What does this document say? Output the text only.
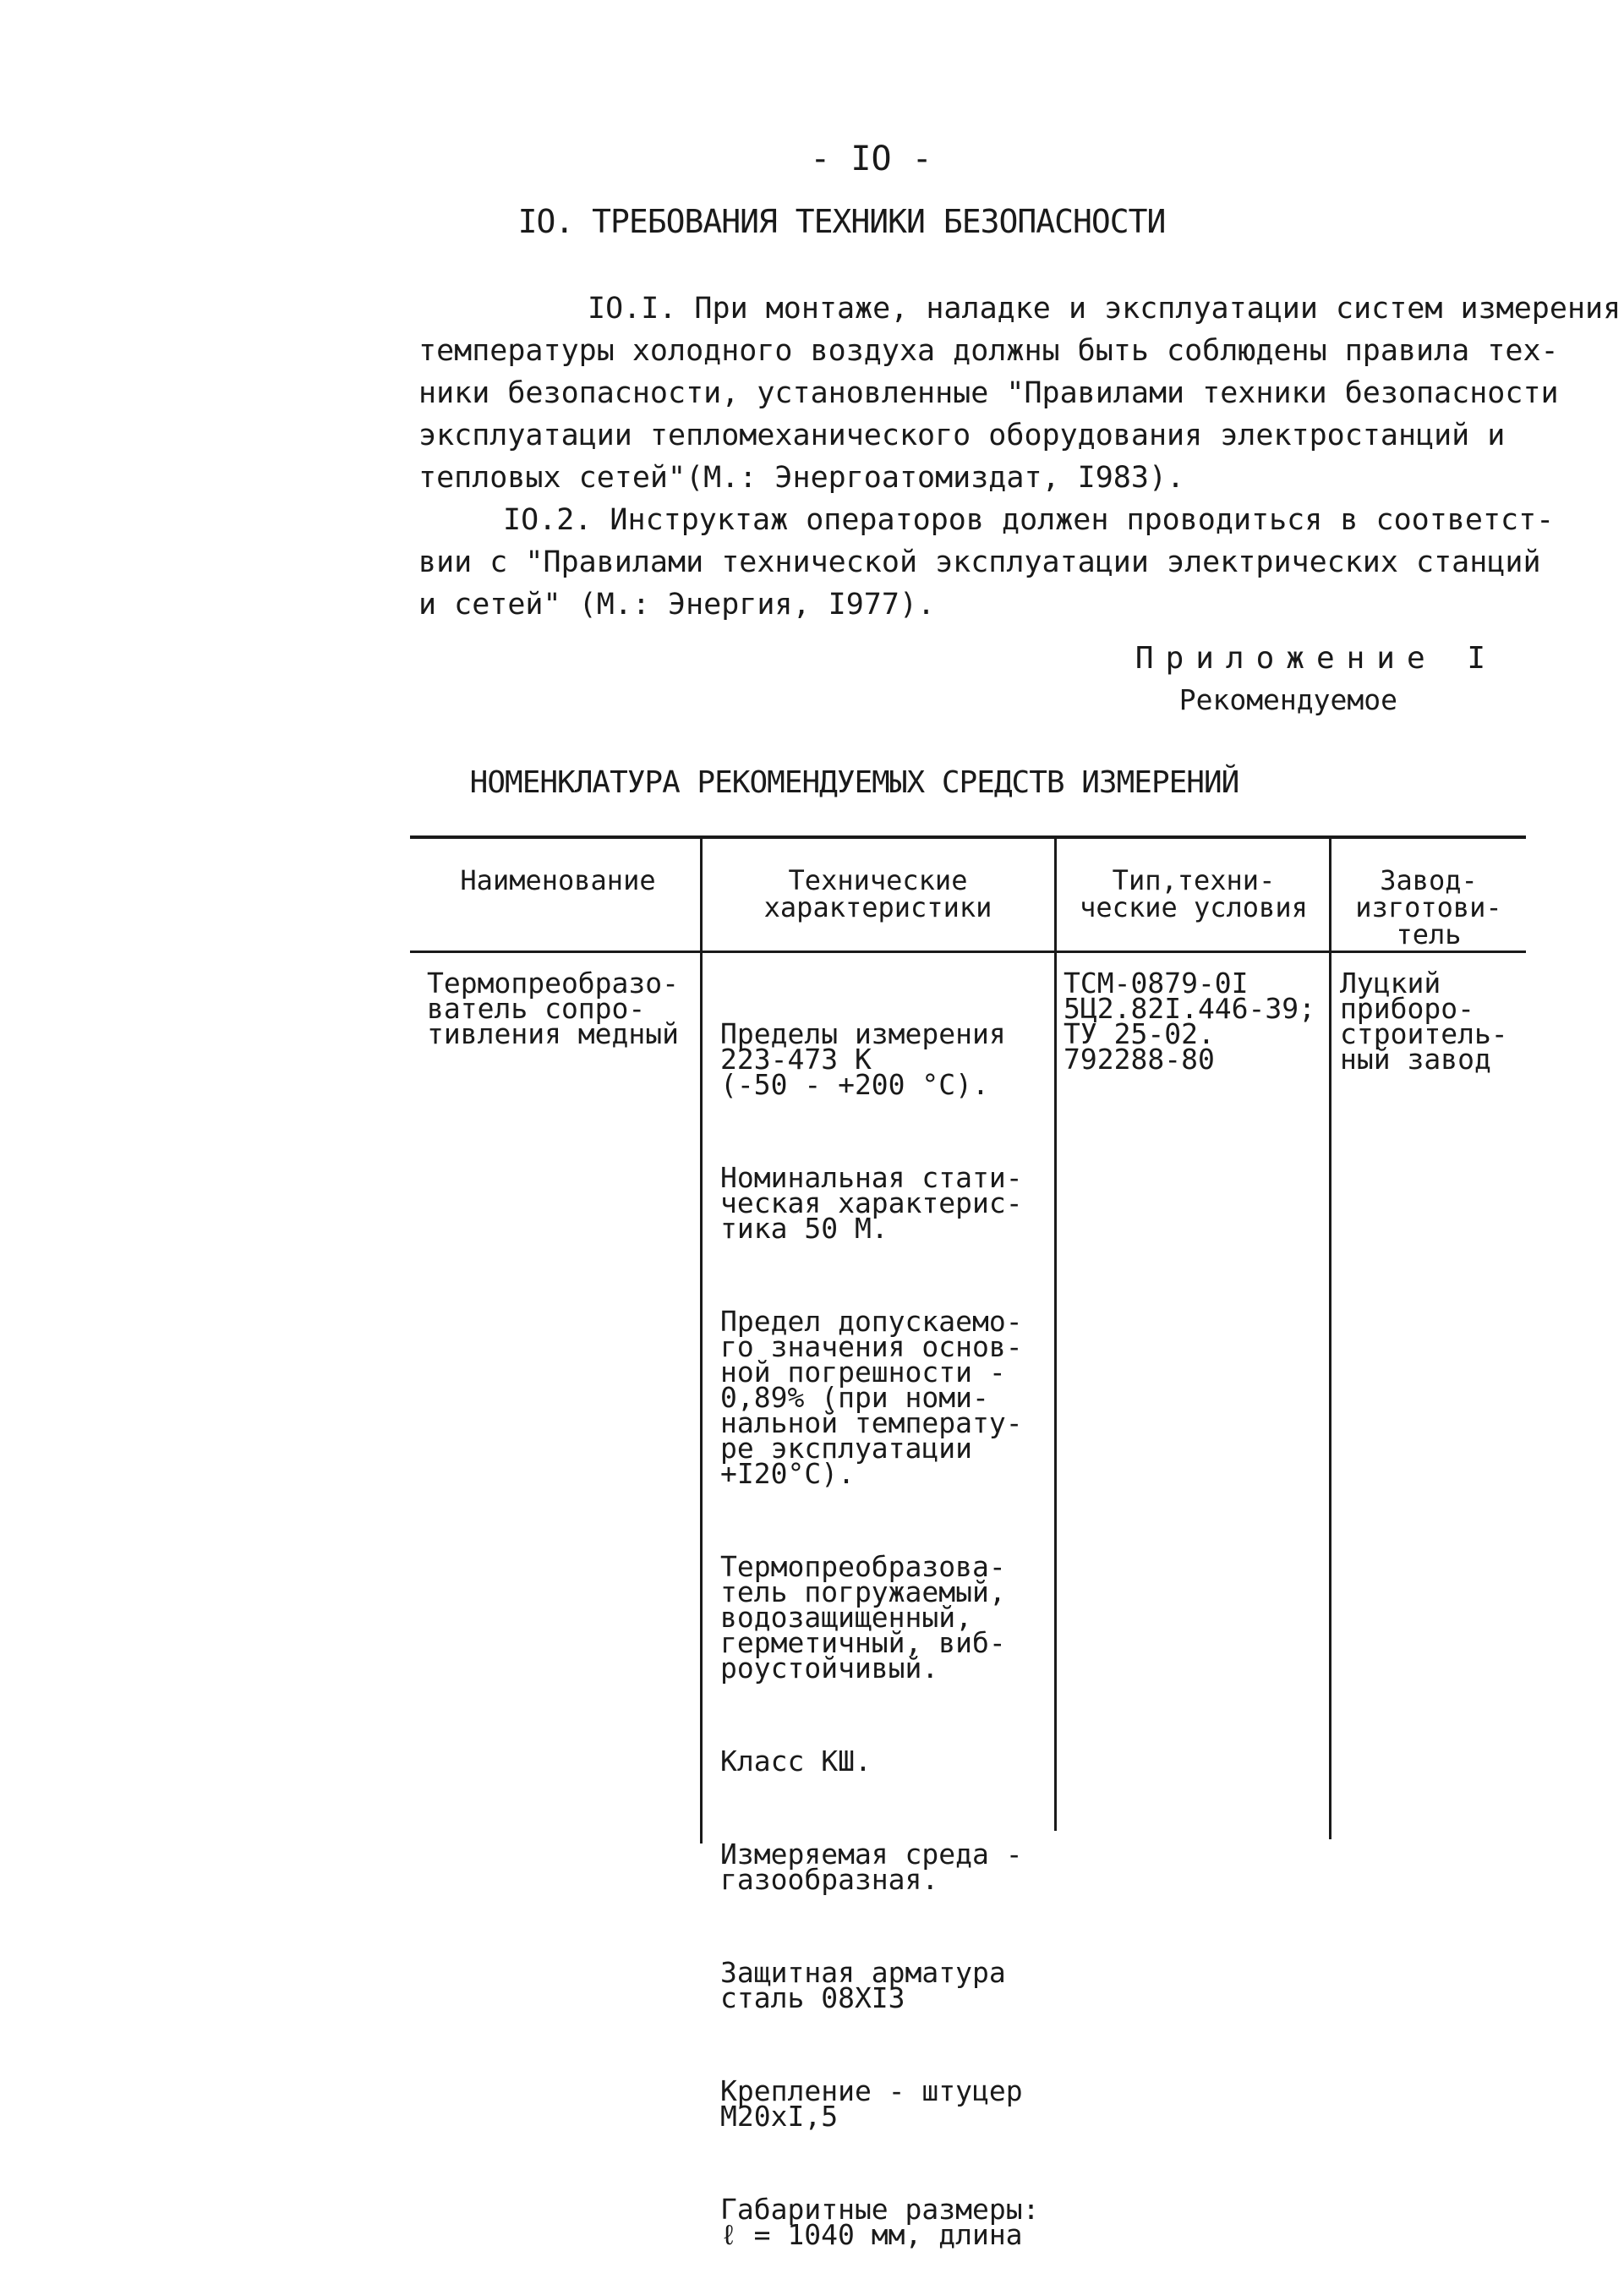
- IO -
IO. ТРЕБОВАНИЯ ТЕХНИКИ БЕЗОПАСНОСТИ
IO.I. При монтаже, наладке и эксплуатации систем измерения
температуры холодного воздуха должны быть соблюдены правила тех-
ники безопасности, установленные "Правилами техники безопасности
эксплуатации тепломеханического оборудования электростанций и
тепловых сетей"(М.: Энергоатомиздат, I983).
IO.2. Инструктаж операторов должен проводиться в соответст-
вии с "Правилами технической эксплуатации электрических станций
и сетей" (М.: Энергия, I977).
Приложение I
Рекомендуемое
НОМЕНКЛАТУРА РЕКОМЕНДУЕМЫХ СРЕДСТВ ИЗМЕРЕНИЙ
Наименование	Технические
характеристики
Тип,техни-
ческие условия
Завод-
изготови-
тель
Термопреобразо-
ватель сопро-
тивления медный

Пределы измерения
223-473 К
(-50 - +200 °C).

Номинальная стати-
ческая характерис-
тика 50 М.

Предел допускаемо-
го значения основ-
ной погрешности -
0,89% (при номи-
нальной температу-
ре эксплуатации
+I20°C).

Термопреобразова-
тель погружаемый,
водозащищенный,
герметичный, виб-
роустойчивый.

Класс КШ.

Измеряемая среда -
газообразная.

Защитная арматура
сталь 08XI3

Крепление - штуцер
M20xI,5

Габаритные размеры:
ℓ = 1040 мм, длина

ТСМ-0879-0I
5Ц2.82I.446-39;
ТУ 25-02.
792288-80
Луцкий
приборо-
строитель-
ный завод
